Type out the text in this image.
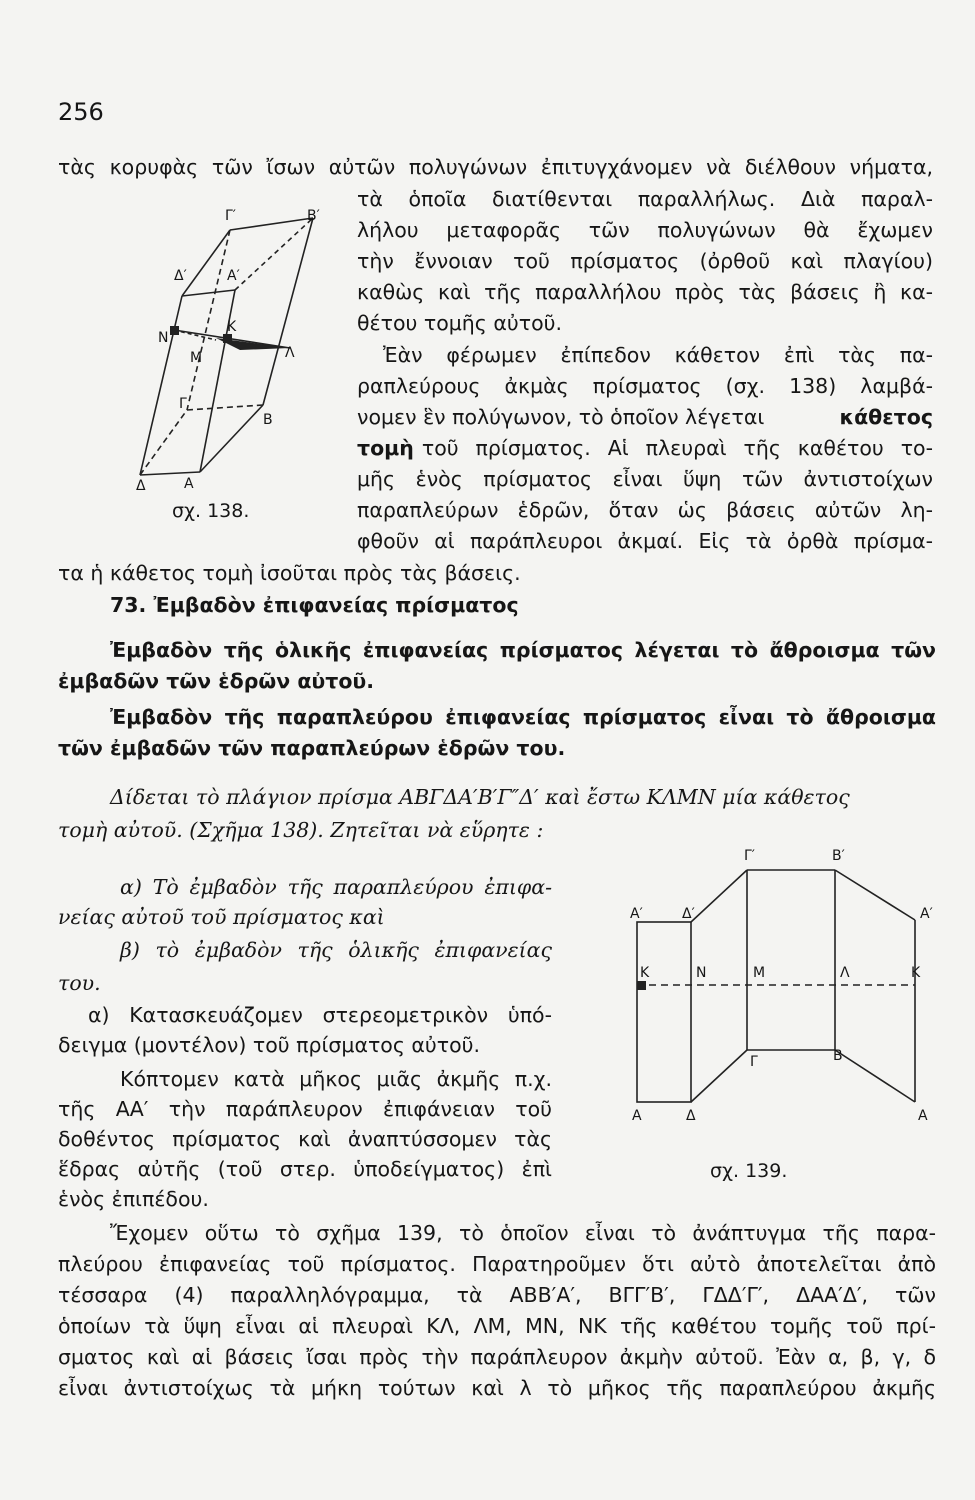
256
τὰς κορυφὰς τῶν ἴσων αὐτῶν πολυγώνων ἐπιτυγχάνομεν νὰ διέλθουν νήματα,
τὰ ὁποῖα διατίθενται παραλλήλως. Διὰ παραλ-
λήλου μεταφορᾶς τῶν πολυγώνων θὰ ἔχωμεν
τὴν ἔννοιαν τοῦ πρίσματος (ὀρθοῦ καὶ πλαγίου)
καθὼς καὶ τῆς παραλλήλου πρὸς τὰς βάσεις ἢ κα-
θέτου τομῆς αὐτοῦ.
Ἐὰν φέρωμεν ἐπίπεδον κάθετον ἐπὶ τὰς πα-
ραπλεύρους ἀκμὰς πρίσματος (σχ. 138) λαμβά-
νομεν ἓν πολύγωνον, τὸ ὁποῖον λέγεται	κάθετος
τομὴ τοῦ πρίσματος. Αἱ πλευραὶ τῆς καθέτου το-
μῆς ἑνὸς πρίσματος εἶναι ὕψη τῶν ἀντιστοίχων
παραπλεύρων ἑδρῶν, ὅταν ὡς βάσεις αὐτῶν λη-
φθοῦν αἱ παράπλευροι ἀκμαί. Εἰς τὰ ὀρθὰ πρίσμα-
τα ἡ κάθετος τομὴ ἰσοῦται πρὸς τὰς βάσεις.
Γ′	Β′
Δ′	Α′
Ν
Κ
Μ	Λ
Γ
Β
Δ	Α
σχ. 138.
73. Ἐμβαδὸν ἐπιφανείας πρίσματος
Ἐμβαδὸν τῆς ὁλικῆς ἐπιφανείας πρίσματος λέγεται τὸ ἄθροισμα τῶν
ἐμβαδῶν τῶν ἑδρῶν αὐτοῦ.
Ἐμβαδὸν τῆς παραπλεύρου ἐπιφανείας πρίσματος εἶναι τὸ ἄθροισμα
τῶν ἐμβαδῶν τῶν παραπλεύρων ἑδρῶν του.
Δίδεται τὸ πλάγιον πρίσμα ΑΒΓΔΑ′Β′Γ″Δ′ καὶ ἔστω ΚΛΜΝ μία κάθετος
τομὴ αὐτοῦ. (Σχῆμα 138). Ζητεῖται νὰ εὕρητε :
α) Τὸ ἐμβαδὸν τῆς παραπλεύρου ἐπιφα-
νείας αὐτοῦ τοῦ πρίσματος καὶ
β) τὸ ἐμβαδὸν τῆς ὁλικῆς ἐπιφανείας
του.
α) Κατασκευάζομεν στερεομετρικὸν ὑπό-
δειγμα (μοντέλον) τοῦ πρίσματος αὐτοῦ.
Κόπτομεν κατὰ μῆκος μιᾶς ἀκμῆς π.χ.
τῆς ΑΑ′ τὴν παράπλευρον ἐπιφάνειαν τοῦ
δοθέντος πρίσματος καὶ ἀναπτύσσομεν τὰς
ἕδρας αὐτῆς (τοῦ στερ. ὑποδείγματος) ἐπὶ
ἑνὸς ἐπιπέδου.
Γ′	Β′
Α′	Δ′	Α′
Κ	Ν	Μ	Λ	Κ
Γ	Β
Α	Δ	Α
σχ. 139.
Ἔχομεν οὕτω τὸ σχῆμα 139, τὸ ὁποῖον εἶναι τὸ ἀνάπτυγμα τῆς παρα-
πλεύρου ἐπιφανείας τοῦ πρίσματος. Παρατηροῦμεν ὅτι αὐτὸ ἀποτελεῖται ἀπὸ
τέσσαρα (4) παραλληλόγραμμα, τὰ ΑΒΒ′Α′, ΒΓΓ′Β′, ΓΔΔ′Γ′, ΔΑΑ′Δ′, τῶν
ὁποίων τὰ ὕψη εἶναι αἱ πλευραὶ ΚΛ, ΛΜ, ΜΝ, ΝΚ τῆς καθέτου τομῆς τοῦ πρί-
σματος καὶ αἱ βάσεις ἴσαι πρὸς τὴν παράπλευρον ἀκμὴν αὐτοῦ. Ἐὰν α, β, γ, δ
εἶναι ἀντιστοίχως τὰ μήκη τούτων καὶ λ τὸ μῆκος τῆς παραπλεύρου ἀκμῆς
